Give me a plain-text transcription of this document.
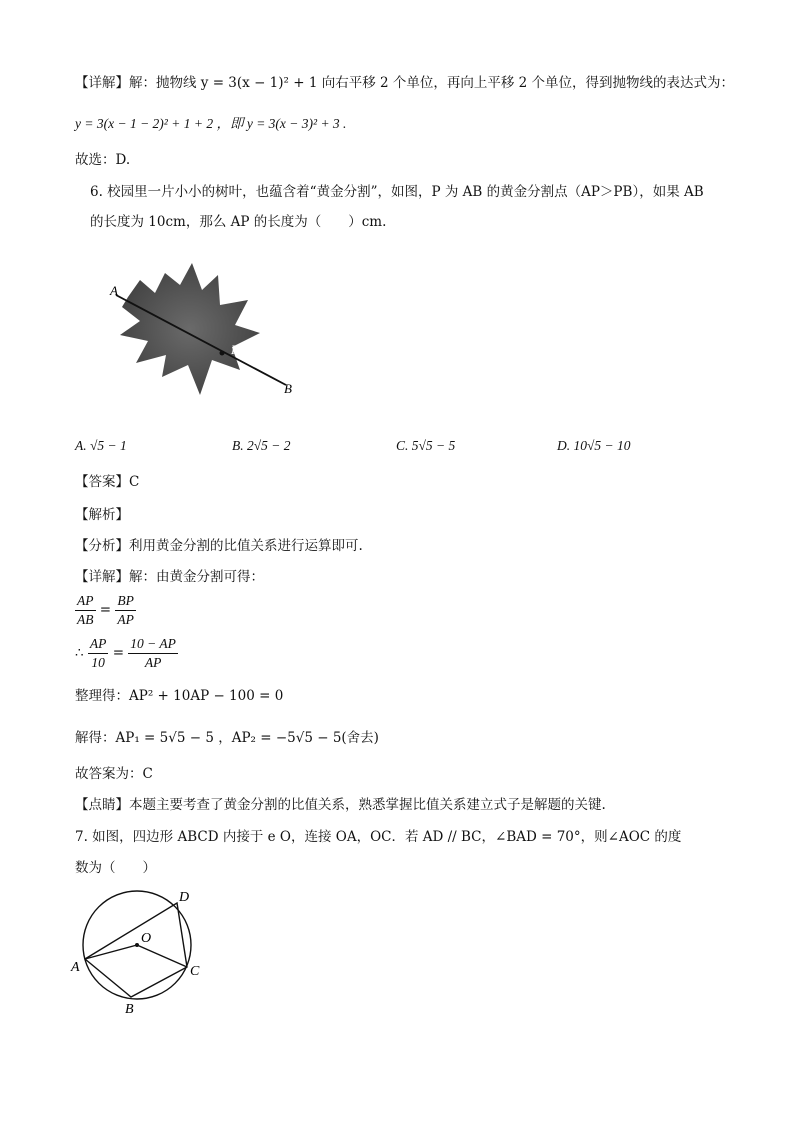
【详解】解：抛物线 y = 3(x − 1)² + 1 向右平移 2 个单位，再向上平移 2 个单位，得到抛物线的表达式为：
y = 3(x − 1 − 2)² + 1 + 2 ，即 y = 3(x − 3)² + 3 .
故选：D.
6. 校园里一片小小的树叶，也蕴含着“黄金分割”，如图，P 为 AB 的黄金分割点（AP＞PB），如果 AB
的长度为 10cm，那么 AP 的长度为（　　）cm.
A
P
B
A. √5 − 1	B. 2√5 − 2	C. 5√5 − 5	D. 10√5 − 10
【答案】C
【解析】
【分析】利用黄金分割的比值关系进行运算即可.
【详解】解：由黄金分割可得：
$\frac{AP}{AB} = \frac{BP}{AP}$
∴ $\frac{AP}{10} = \frac{10 - AP}{AP}$
整理得：AP² + 10AP − 100 = 0
解得：AP₁ = 5√5 − 5 ，AP₂ = −5√5 − 5(舍去)
故答案为：C
【点睛】本题主要考查了黄金分割的比值关系，熟悉掌握比值关系建立式子是解题的关键.
7. 如图，四边形 ABCD 内接于 e O，连接 OA，OC．若 AD // BC，∠BAD = 70°，则∠AOC 的度
数为（　　）
O
A
B
C
D
